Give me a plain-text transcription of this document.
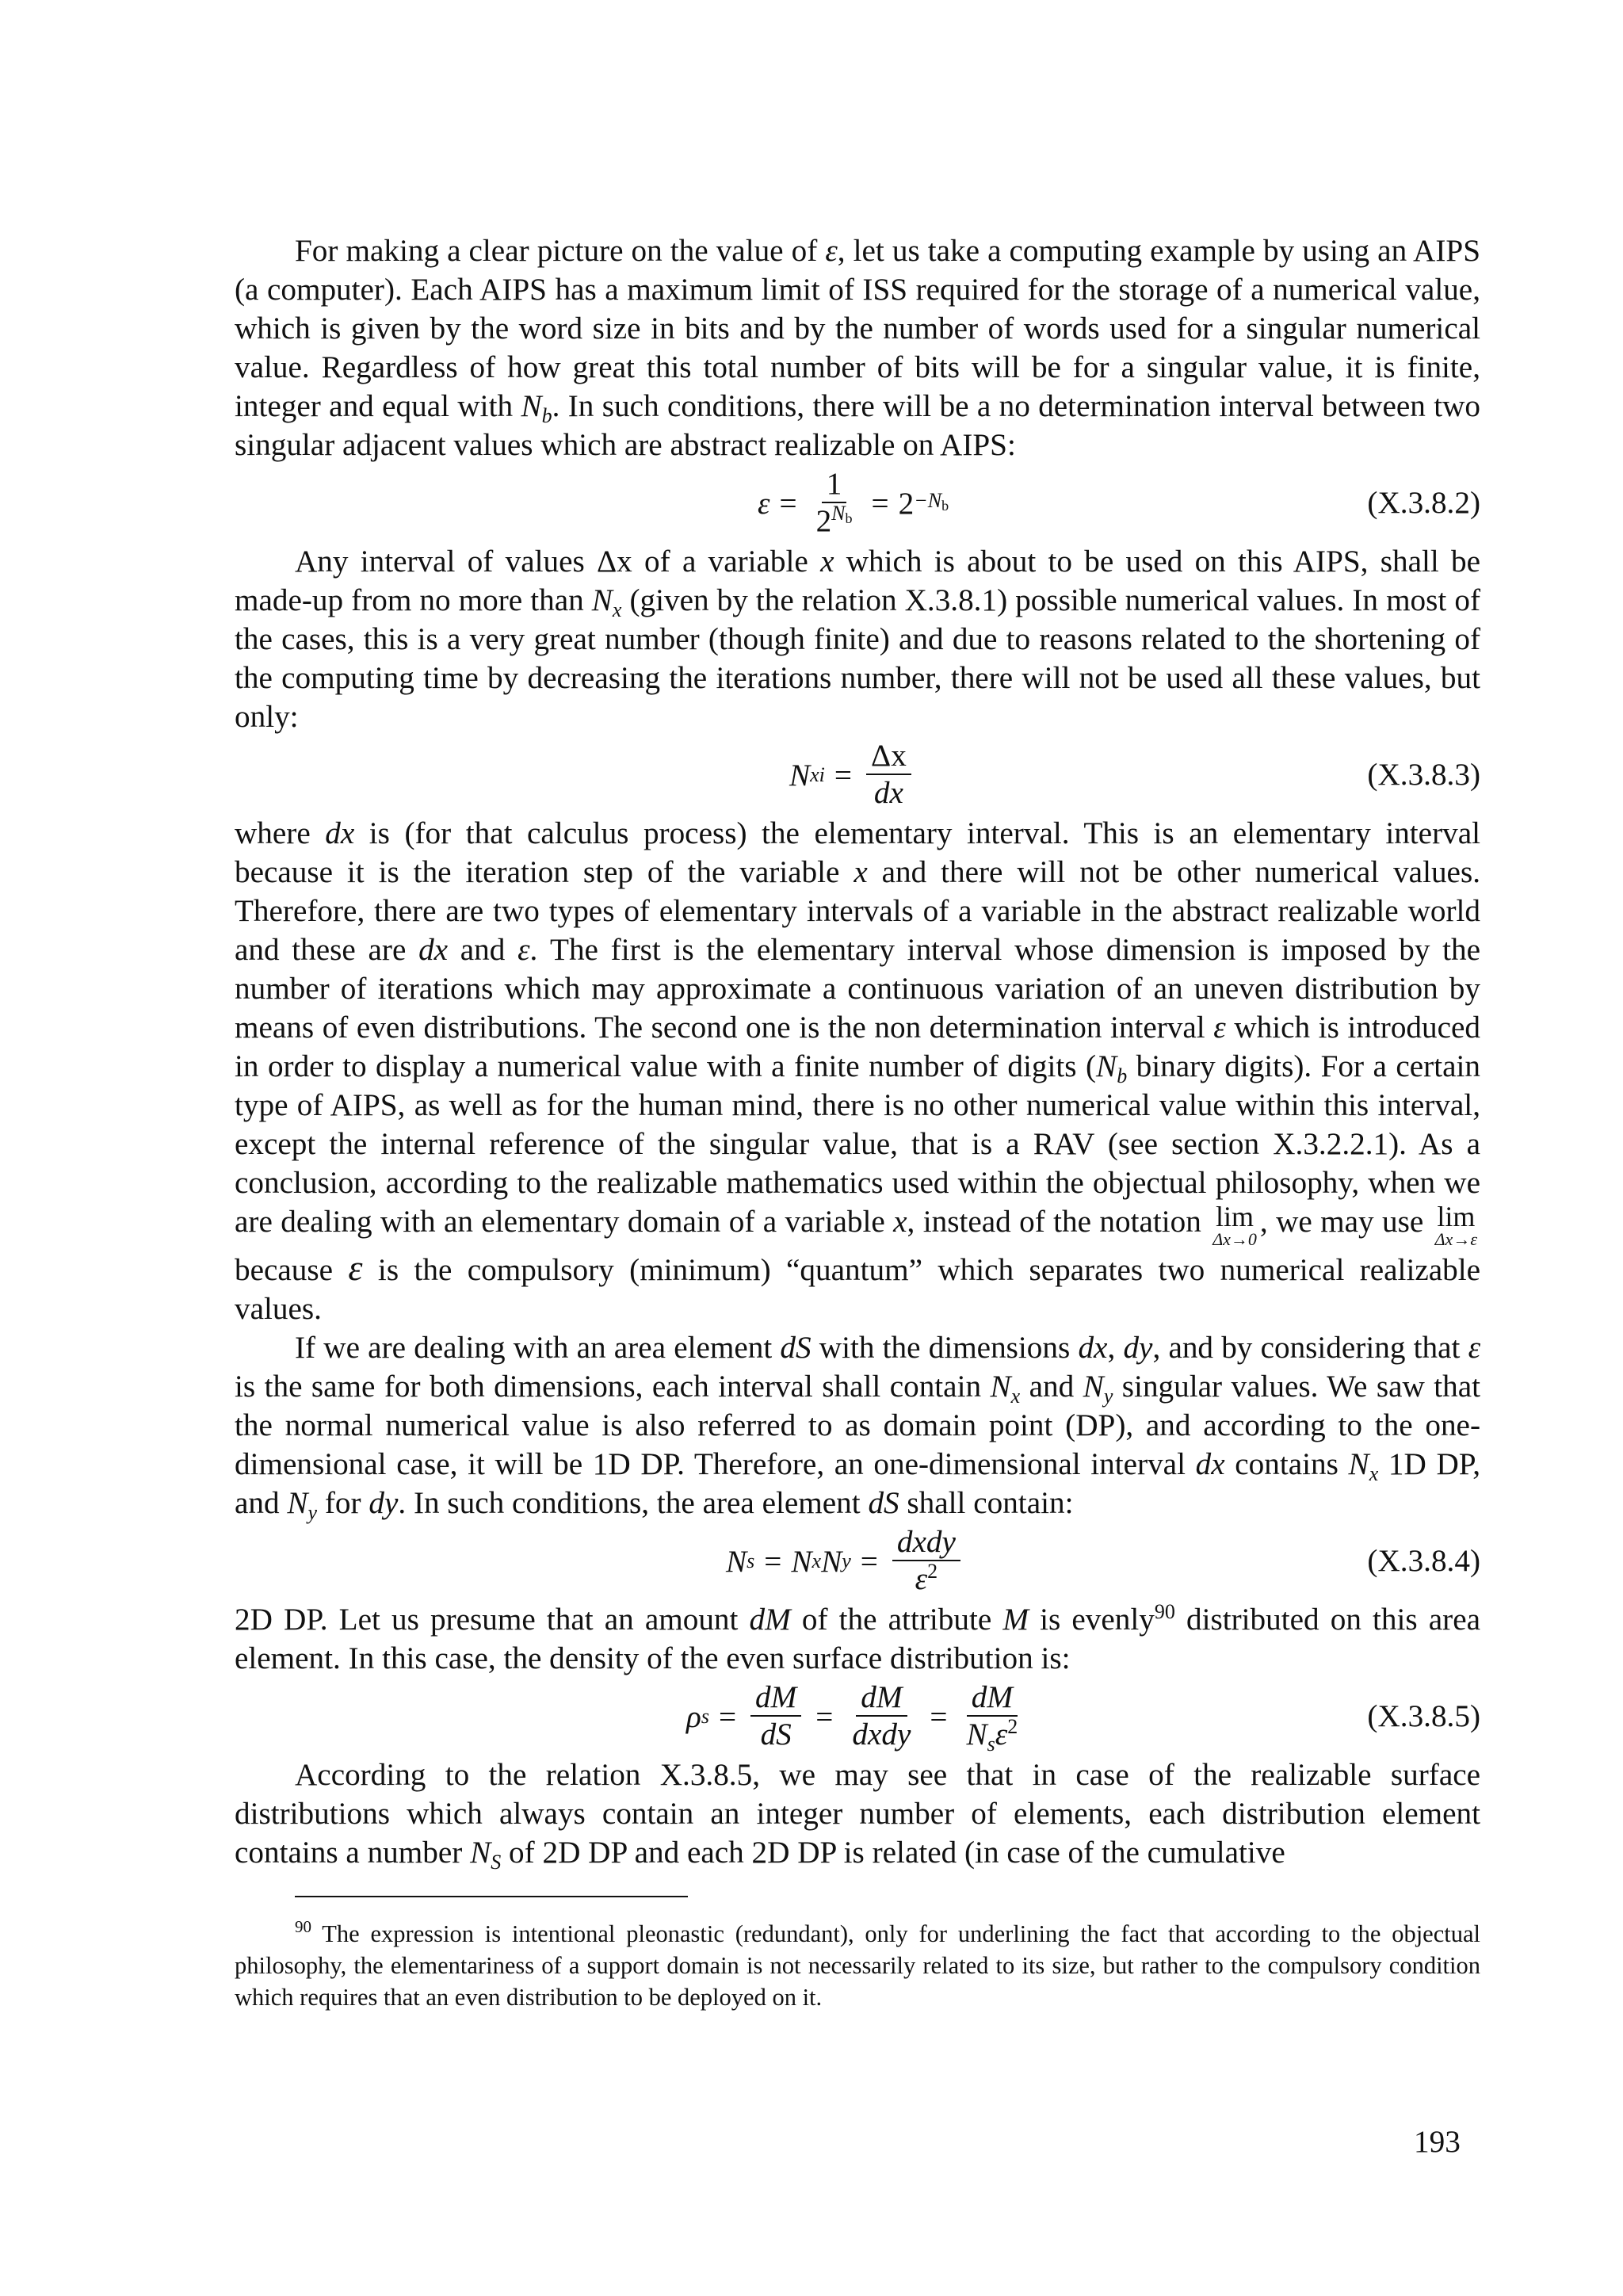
For making a clear picture on the value of ε, let us take a computing example by using an AIPS (a computer). Each AIPS has a maximum limit of ISS required for the storage of a numerical value, which is given by the word size in bits and by the number of words used for a singular numerical value. Regardless of how great this total number of bits will be for a singular value, it is finite, integer and equal with $N_b$. In such conditions, there will be a no determination interval between two singular adjacent values which are abstract realizable on AIPS:

$\varepsilon = \frac{1}{2^{N_b}} = 2 -N_b$	(X.3.8.2)

Any interval of values Δx of a variable x which is about to be used on this AIPS, shall be made-up from no more than $N_x$ (given by the relation X.3.8.1) possible numerical values. In most of the cases, this is a very great number (though finite) and due to reasons related to the shortening of the computing time by decreasing the iterations number, there will not be used all these values, but only:

N xi = $\frac{\Delta x}{dx}$	(X.3.8.3)

where dx is (for that calculus process) the elementary interval. This is an elementary interval because it is the iteration step of the variable x and there will not be other numerical values. Therefore, there are two types of elementary intervals of a variable in the abstract realizable world and these are dx and ε. The first is the elementary interval whose dimension is imposed by the number of iterations which may approximate a continuous variation of an uneven distribution by means of even distributions. The second one is the non determination interval ε which is introduced in order to display a numerical value with a finite number of digits ($N_b$ binary digits). For a certain type of AIPS, as well as for the human mind, there is no other numerical value within this interval, except the internal reference of the singular value, that is a RAV (see section X.3.2.2.1). As a conclusion, according to the realizable mathematics used within the objectual philosophy, when we are dealing with an elementary domain of a variable x, instead of the notation lim
Δx→0
, we may use lim
Δx→ε
because ε is the compulsory (minimum) “quantum” which separates two numerical realizable values.

If we are dealing with an area element dS with the dimensions dx, dy, and by considering that ε is the same for both dimensions, each interval shall contain $N_x$ and $N_y$ singular values. We saw that the normal numerical value is also referred to as domain point (DP), and according to the one-dimensional case, it will be 1D DP. Therefore, an one-dimensional interval dx contains $N_x$ 1D DP, and $N_y$ for dy. In such conditions, the area element dS shall contain:

N s = N x N $y = \frac{\text{dxdy}}{\varepsilon^2}$	(X.3.8.4)

2D DP. Let us presume that an amount dM of the attribute M is evenly$^{90}$ distributed on this area element. In this case, the density of the even surface distribution is:

ρ $s = \frac{dM}{dS} = \frac{dM}{\text{dxdy}} = \frac{dM}{N_s\varepsilon^2}$	(X.3.8.5)

According to the relation X.3.8.5, we may see that in case of the realizable surface distributions which always contain an integer number of elements, each distribution element contains a number $N_S$ of 2D DP and each 2D DP is related (in case of the cumulative

$^{90}$ The expression is intentional pleonastic (redundant), only for underlining the fact that according to the objectual philosophy, the elementariness of a support domain is not necessarily related to its size, but rather to the compulsory condition which requires that an even distribution to be deployed on it.

193
